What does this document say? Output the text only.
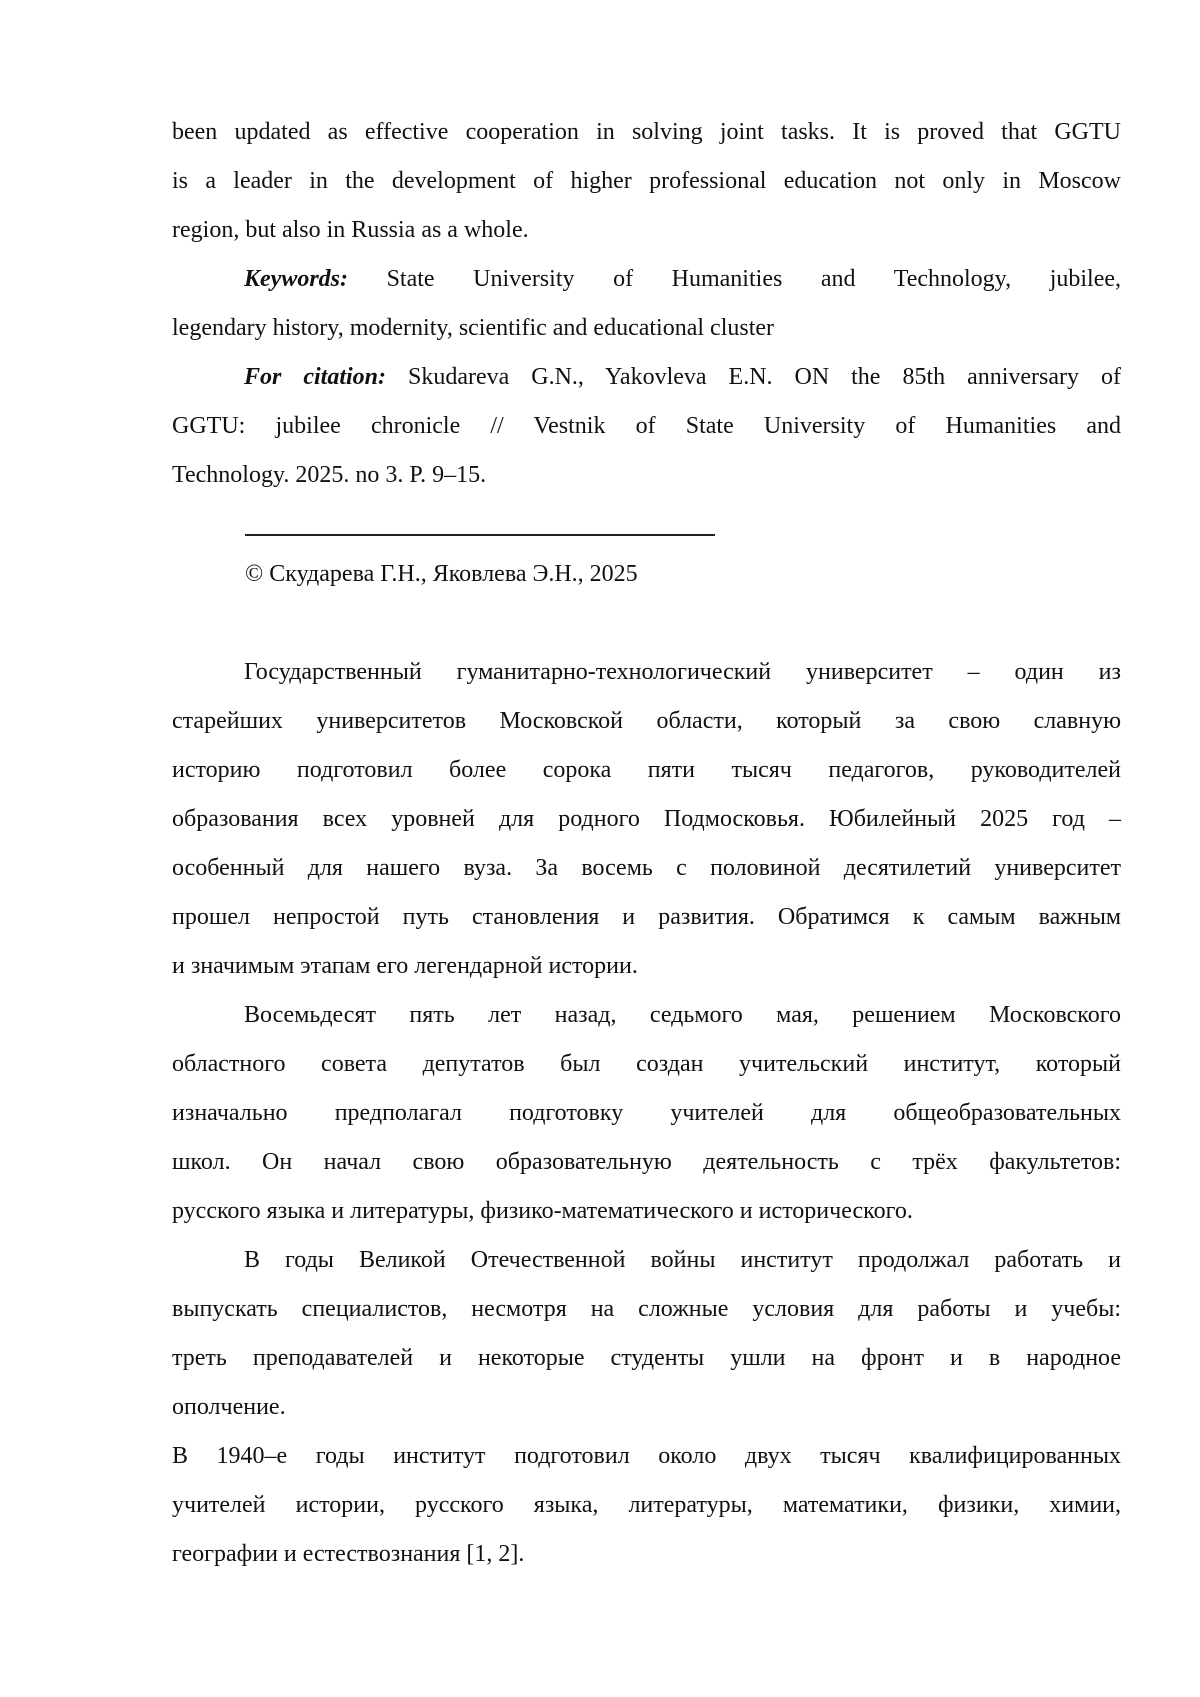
been updated as effective cooperation in solving joint tasks. It is proved that GGTU
is a leader in the development of higher professional education not only in Moscow
region, but also in Russia as a whole.
Keywords: State University of Humanities and Technology, jubilee,
legendary history, modernity, scientific and educational cluster
For citation: Skudareva G.N., Yakovleva E.N. ON the 85th anniversary of
GGTU: jubilee chronicle // Vestnik of State University of Humanities and
Technology. 2025. no 3. P. 9–15.
© Скударева Г.Н., Яковлева Э.Н., 2025
Государственный гуманитарно-технологический университет – один из
старейших университетов Московской области, который за свою славную
историю подготовил более сорока пяти тысяч педагогов, руководителей
образования всех уровней для родного Подмосковья. Юбилейный 2025 год –
особенный для нашего вуза. За восемь с половиной десятилетий университет
прошел непростой путь становления и развития. Обратимся к самым важным
и значимым этапам его легендарной истории.
Восемьдесят пять лет назад, седьмого мая, решением Московского
областного совета депутатов был создан учительский институт, который
изначально предполагал подготовку учителей для общеобразовательных
школ. Он начал свою образовательную деятельность с трёх факультетов:
русского языка и литературы, физико-математического и исторического.
В годы Великой Отечественной войны институт продолжал работать и
выпускать специалистов, несмотря на сложные условия для работы и учебы:
треть преподавателей и некоторые студенты ушли на фронт и в народное
ополчение.
В 1940–е годы институт подготовил около двух тысяч квалифицированных
учителей истории, русского языка, литературы, математики, физики, химии,
географии и естествознания [1, 2].
